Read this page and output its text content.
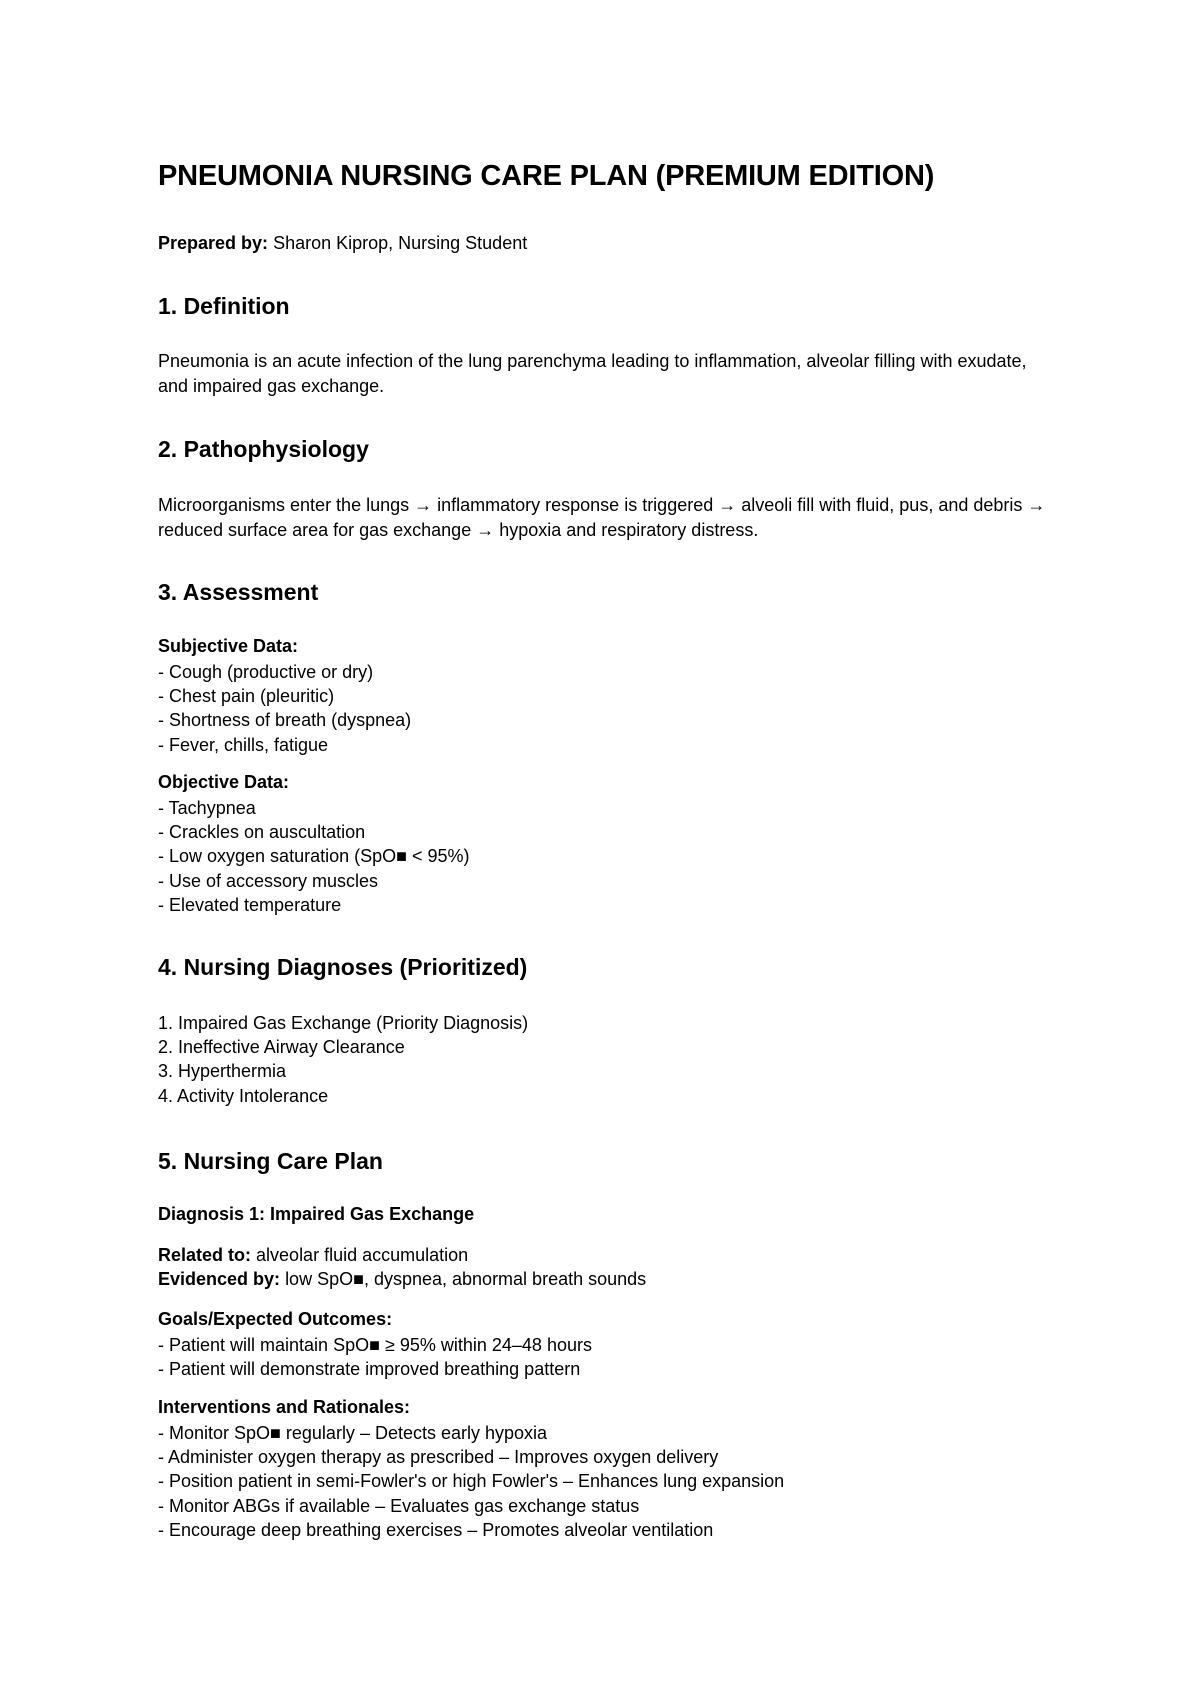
PNEUMONIA NURSING CARE PLAN (PREMIUM EDITION)
Prepared by: Sharon Kiprop, Nursing Student
1. Definition

Pneumonia is an acute infection of the lung parenchyma leading to inflammation, alveolar filling with exudate, and impaired gas exchange.

2. Pathophysiology

Microorganisms enter the lungs → inflammatory response is triggered → alveoli fill with fluid, pus, and debris → reduced surface area for gas exchange → hypoxia and respiratory distress.

3. Assessment
Subjective Data:
- Cough (productive or dry)
- Chest pain (pleuritic)
- Shortness of breath (dyspnea)
- Fever, chills, fatigue
Objective Data:
- Tachypnea
- Crackles on auscultation
- Low oxygen saturation (SpO■ < 95%)
- Use of accessory muscles
- Elevated temperature
4. Nursing Diagnoses (Prioritized)
1. Impaired Gas Exchange (Priority Diagnosis)
2. Ineffective Airway Clearance
3. Hyperthermia
4. Activity Intolerance
5. Nursing Care Plan
Diagnosis 1: Impaired Gas Exchange
Related to: alveolar fluid accumulation
Evidenced by: low SpO■, dyspnea, abnormal breath sounds
Goals/Expected Outcomes:
- Patient will maintain SpO■ ≥ 95% within 24–48 hours
- Patient will demonstrate improved breathing pattern
Interventions and Rationales:
- Monitor SpO■ regularly – Detects early hypoxia
- Administer oxygen therapy as prescribed – Improves oxygen delivery
- Position patient in semi-Fowler's or high Fowler's – Enhances lung expansion
- Monitor ABGs if available – Evaluates gas exchange status
- Encourage deep breathing exercises – Promotes alveolar ventilation
